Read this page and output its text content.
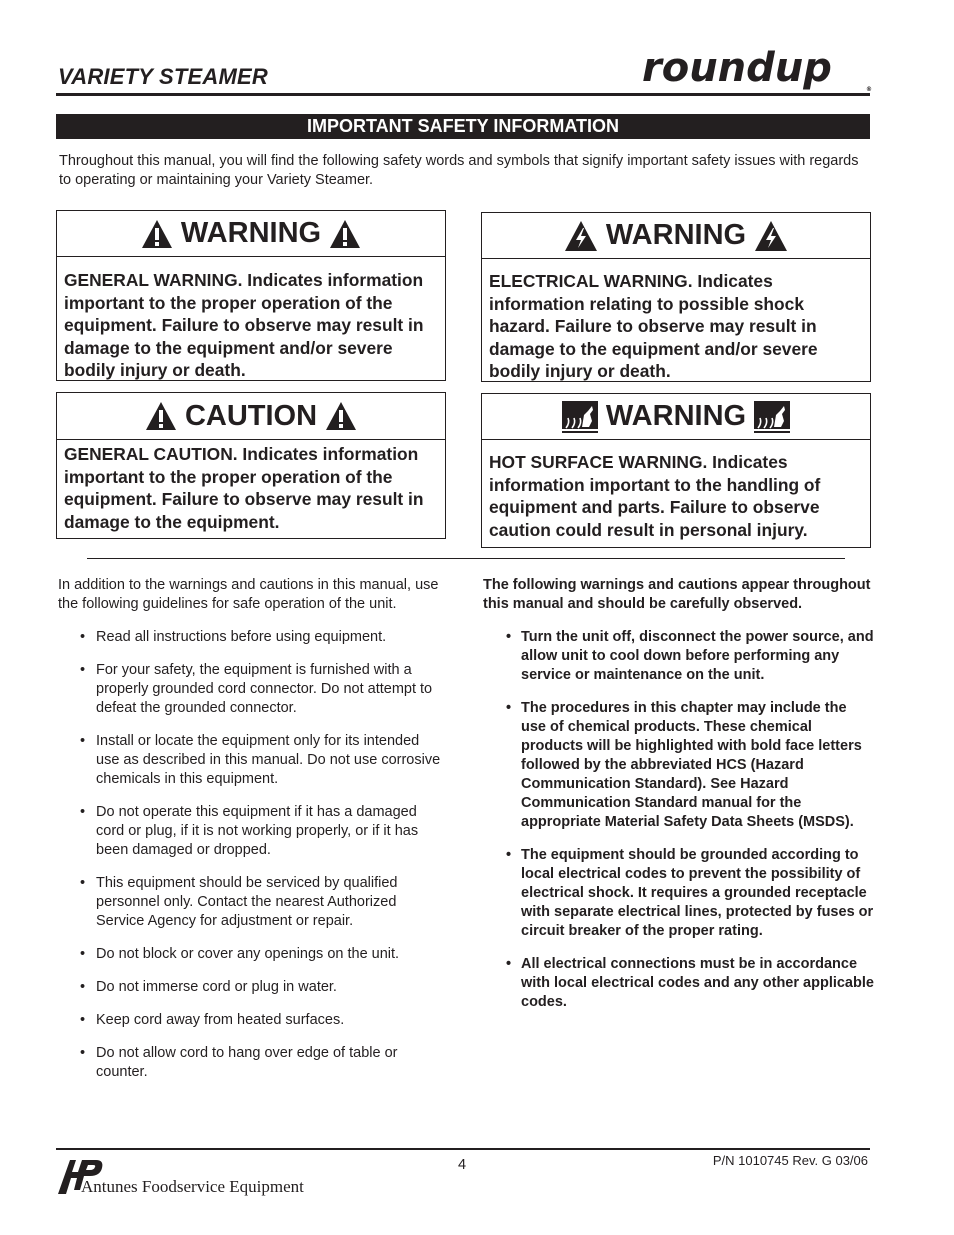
VARIETY STEAMER	roundup	®
IMPORTANT SAFETY INFORMATION
Throughout this manual, you will find the following safety words and symbols that signify important safety issues with regards to operating or maintaining your Variety Steamer.
WARNING
GENERAL WARNING. Indicates information important to the proper operation of the equipment. Failure to observe may result in damage to the equipment and/or severe bodily injury or death.
WARNING
ELECTRICAL WARNING. Indicates information relating to possible shock hazard. Failure to observe may result in damage to the equipment and/or severe bodily injury or death.
CAUTION
GENERAL CAUTION. Indicates information important to the proper operation of the equipment. Failure to observe may result in damage to the equipment.
WARNING
HOT SURFACE WARNING. Indicates information important to the handling of equipment and parts. Failure to observe caution could result in personal injury.
In addition to the warnings and cautions in this manual, use the following guidelines for safe operation of the unit.
• Read all instructions before using equipment.
• For your safety, the equipment is furnished with a properly grounded cord connector. Do not attempt to defeat the grounded connector.
• Install or locate the equipment only for its intended use as described in this manual. Do not use corrosive chemicals in this equipment.
• Do not operate this equipment if it has a damaged cord or plug, if it is not working properly, or if it has been damaged or dropped.
• This equipment should be serviced by qualified personnel only. Contact the nearest Authorized Service Agency for adjustment or repair.
• Do not block or cover any openings on the unit.
• Do not immerse cord or plug in water.
• Keep cord away from heated surfaces.
• Do not allow cord to hang over edge of table or counter.
The following warnings and cautions appear throughout this manual and should be carefully observed.
• Turn the unit off, disconnect the power source, and allow unit to cool down before performing any service or maintenance on the unit.
• The procedures in this chapter may include the use of chemical products. These chemical products will be highlighted with bold face letters followed by the abbreviated HCS (Hazard Communication Standard). See Hazard Communication Standard manual for the appropriate Material Safety Data Sheets (MSDS).
• The equipment should be grounded according to local electrical codes to prevent the possibility of electrical shock. It requires a grounded receptacle with separate electrical lines, protected by fuses or circuit breaker of the proper rating.
• All electrical connections must be in accordance with local electrical codes and any other applicable codes.
Antunes Foodservice Equipment
4	P/N 1010745 Rev. G 03/06
